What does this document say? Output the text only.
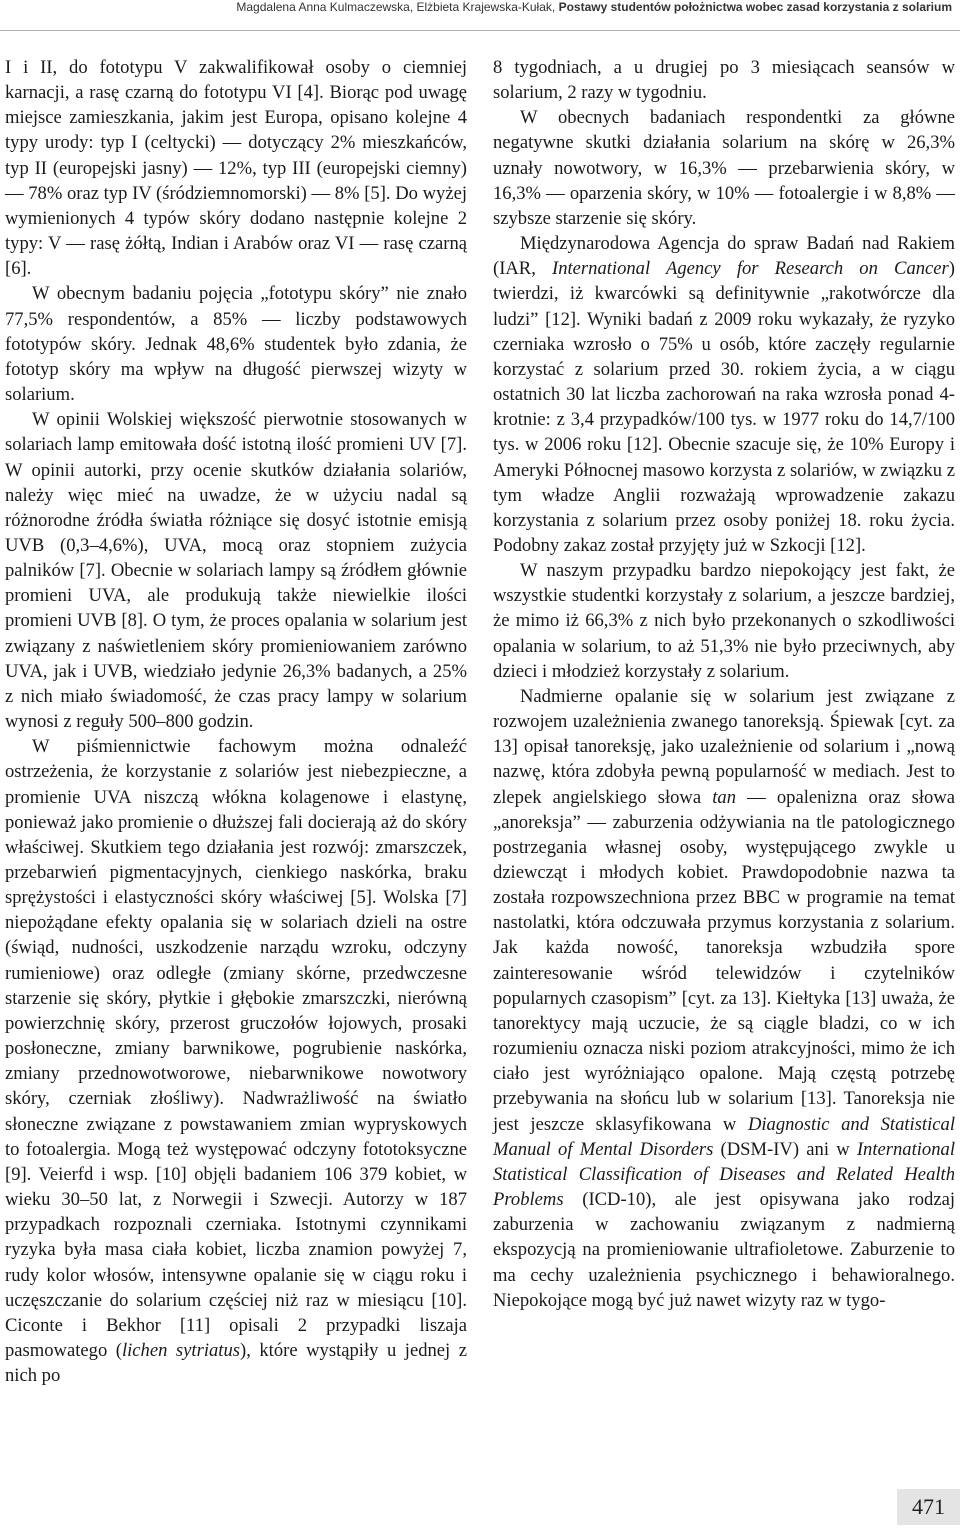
Magdalena Anna Kulmaczewska, Elżbieta Krajewska-Kułak, Postawy studentów położnictwa wobec zasad korzystania z solarium

I i II, do fototypu V zakwalifikował osoby o ciemniej karnacji, a rasę czarną do fototypu VI [4]. Biorąc pod uwagę miejsce zamieszkania, jakim jest Europa, opisano kolejne 4 typy urody: typ I (celtycki) — dotyczący 2% mieszkańców, typ II (europejski jasny) — 12%, typ III (europejski ciemny) — 78% oraz typ IV (śródziemnomorski) — 8% [5]. Do wyżej wymienionych 4 typów skóry dodano następnie kolejne 2 typy: V — rasę żółtą, Indian i Arabów oraz VI — rasę czarną [6].

W obecnym badaniu pojęcia „fototypu skóry” nie znało 77,5% respondentów, a 85% — liczby podstawowych fototypów skóry. Jednak 48,6% studentek było zdania, że fototyp skóry ma wpływ na długość pierwszej wizyty w solarium.

W opinii Wolskiej większość pierwotnie stosowanych w solariach lamp emitowała dość istotną ilość promieni UV [7]. W opinii autorki, przy ocenie skutków działania solariów, należy więc mieć na uwadze, że w użyciu nadal są różnorodne źródła światła różniące się dosyć istotnie emisją UVB (0,3–4,6%), UVA, mocą oraz stopniem zużycia palników [7]. Obecnie w solariach lampy są źródłem głównie promieni UVA, ale produkują także niewielkie ilości promieni UVB [8]. O tym, że proces opalania w solarium jest związany z naświetleniem skóry promieniowaniem zarówno UVA, jak i UVB, wiedziało jedynie 26,3% badanych, a 25% z nich miało świadomość, że czas pracy lampy w solarium wynosi z reguły 500–800 godzin.

W piśmiennictwie fachowym można odnaleźć ostrzeżenia, że korzystanie z solariów jest niebezpieczne, a promienie UVA niszczą włókna kolagenowe i elastynę, ponieważ jako promienie o dłuższej fali docierają aż do skóry właściwej. Skutkiem tego działania jest rozwój: zmarszczek, przebarwień pigmentacyjnych, cienkiego naskórka, braku sprężystości i elastyczności skóry właściwej [5]. Wolska [7] niepożądane efekty opalania się w solariach dzieli na ostre (świąd, nudności, uszkodzenie narządu wzroku, odczyny rumieniowe) oraz odległe (zmiany skórne, przedwczesne starzenie się skóry, płytkie i głębokie zmarszczki, nierówną powierzchnię skóry, przerost gruczołów łojowych, prosaki posłoneczne, zmiany barwnikowe, pogrubienie naskórka, zmiany przednowotworowe, niebarwnikowe nowotwory skóry, czerniak złośliwy). Nadwrażliwość na światło słoneczne związane z powstawaniem zmian wypryskowych to fotoalergia. Mogą też występować odczyny fototoksyczne [9]. Veierfd i wsp. [10] objęli badaniem 106 379 kobiet, w wieku 30–50 lat, z Norwegii i Szwecji. Autorzy w 187 przypadkach rozpoznali czerniaka. Istotnymi czynnikami ryzyka była masa ciała kobiet, liczba znamion powyżej 7, rudy kolor włosów, intensywne opalanie się w ciągu roku i uczęszczanie do solarium częściej niż raz w miesiącu [10]. Ciconte i Bekhor [11] opisali 2 przypadki liszaja pasmowatego (lichen sytriatus), które wystąpiły u jednej z nich po

8 tygodniach, a u drugiej po 3 miesiącach seansów w solarium, 2 razy w tygodniu.

W obecnych badaniach respondentki za główne negatywne skutki działania solarium na skórę w 26,3% uznały nowotwory, w 16,3% — przebarwienia skóry, w 16,3% — oparzenia skóry, w 10% — fotoalergie i w 8,8% — szybsze starzenie się skóry.

Międzynarodowa Agencja do spraw Badań nad Rakiem (IAR, International Agency for Research on Cancer) twierdzi, iż kwarcówki są definitywnie „rakotwórcze dla ludzi” [12]. Wyniki badań z 2009 roku wykazały, że ryzyko czerniaka wzrosło o 75% u osób, które zaczęły regularnie korzystać z solarium przed 30. rokiem życia, a w ciągu ostatnich 30 lat liczba zachorowań na raka wzrosła ponad 4-krotnie: z 3,4 przypadków/100 tys. w 1977 roku do 14,7/100 tys. w 2006 roku [12]. Obecnie szacuje się, że 10% Europy i Ameryki Północnej masowo korzysta z solariów, w związku z tym władze Anglii rozważają wprowadzenie zakazu korzystania z solarium przez osoby poniżej 18. roku życia. Podobny zakaz został przyjęty już w Szkocji [12].

W naszym przypadku bardzo niepokojący jest fakt, że wszystkie studentki korzystały z solarium, a jeszcze bardziej, że mimo iż 66,3% z nich było przekonanych o szkodliwości opalania w solarium, to aż 51,3% nie było przeciwnych, aby dzieci i młodzież korzystały z solarium.

Nadmierne opalanie się w solarium jest związane z rozwojem uzależnienia zwanego tanoreksją. Śpiewak [cyt. za 13] opisał tanoreksję, jako uzależnienie od solarium i „nową nazwę, która zdobyła pewną popularność w mediach. Jest to zlepek angielskiego słowa tan — opalenizna oraz słowa „anoreksja” — zaburzenia odżywiania na tle patologicznego postrzegania własnej osoby, występującego zwykle u dziewcząt i młodych kobiet. Prawdopodobnie nazwa ta została rozpowszechniona przez BBC w programie na temat nastolatki, która odczuwała przymus korzystania z solarium. Jak każda nowość, tanoreksja wzbudziła spore zainteresowanie wśród telewidzów i czytelników popularnych czasopism” [cyt. za 13]. Kiełtyka [13] uważa, że tanorektycy mają uczucie, że są ciągle bladzi, co w ich rozumieniu oznacza niski poziom atrakcyjności, mimo że ich ciało jest wyróżniająco opalone. Mają częstą potrzebę przebywania na słońcu lub w solarium [13]. Tanoreksja nie jest jeszcze sklasyfikowana w Diagnostic and Statistical Manual of Mental Disorders (DSM-IV) ani w International Statistical Classification of Diseases and Related Health Problems (ICD-10), ale jest opisywana jako rodzaj zaburzenia w zachowaniu związanym z nadmierną ekspozycją na promieniowanie ultrafioletowe. Zaburzenie to ma cechy uzależnienia psychicznego i behawioralnego. Niepokojące mogą być już nawet wizyty raz w tygo-

471
